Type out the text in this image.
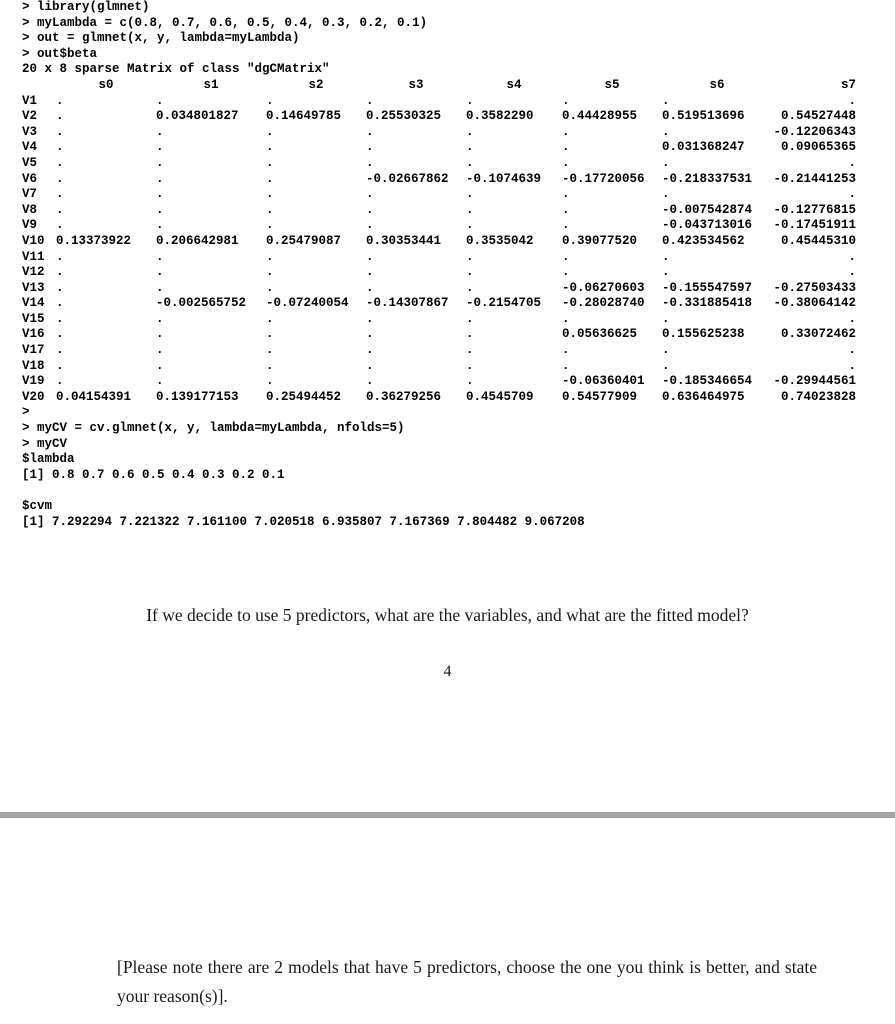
> library(glmnet)
> myLambda = c(0.8, 0.7, 0.6, 0.5, 0.4, 0.3, 0.2, 0.1)
> out = glmnet(x, y, lambda=myLambda)
> out$beta
20 x 8 sparse Matrix of class "dgCMatrix"
	s0	s1	s2	s3	s4	s5	s6	s7
V1	.	.	.	.	.	.	.	.
V2	.	0.034801827	0.14649785	0.25530325	0.3582290	0.44428955	0.519513696	0.54527448
V3	.	.	.	.	.	.	.	-0.12206343
V4	.	.	.	.	.	.	0.031368247	0.09065365
V5	.	.	.	.	.	.	.	.
V6	.	.	.	-0.02667862	-0.1074639	-0.17720056	-0.218337531	-0.21441253
V7	.	.	.	.	.	.	.	.
V8	.	.	.	.	.	.	-0.007542874	-0.12776815
V9	.	.	.	.	.	.	-0.043713016	-0.17451911
V10	0.13373922	0.206642981	0.25479087	0.30353441	0.3535042	0.39077520	0.423534562	0.45445310
V11	.	.	.	.	.	.	.	.
V12	.	.	.	.	.	.	.	.
V13	.	.	.	.	.	-0.06270603	-0.155547597	-0.27503433
V14	.	-0.002565752	-0.07240054	-0.14307867	-0.2154705	-0.28028740	-0.331885418	-0.38064142
V15	.	.	.	.	.	.	.	.
V16	.	.	.	.	.	0.05636625	0.155625238	0.33072462
V17	.	.	.	.	.	.	.	.
V18	.	.	.	.	.	.	.	.
V19	.	.	.	.	.	-0.06360401	-0.185346654	-0.29944561
V20	0.04154391	0.139177153	0.25494452	0.36279256	0.4545709	0.54577909	0.636464975	0.74023828
>
> myCV = cv.glmnet(x, y, lambda=myLambda, nfolds=5)
> myCV
$lambda
[1] 0.8 0.7 0.6 0.5 0.4 0.3 0.2 0.1
$cvm
[1] 7.292294 7.221322 7.161100 7.020518 6.935807 7.167369 7.804482 9.067208
If we decide to use 5 predictors, what are the variables, and what are the fitted model?
4
[Please note there are 2 models that have 5 predictors, choose the one you think is better, and state your reason(s)].
